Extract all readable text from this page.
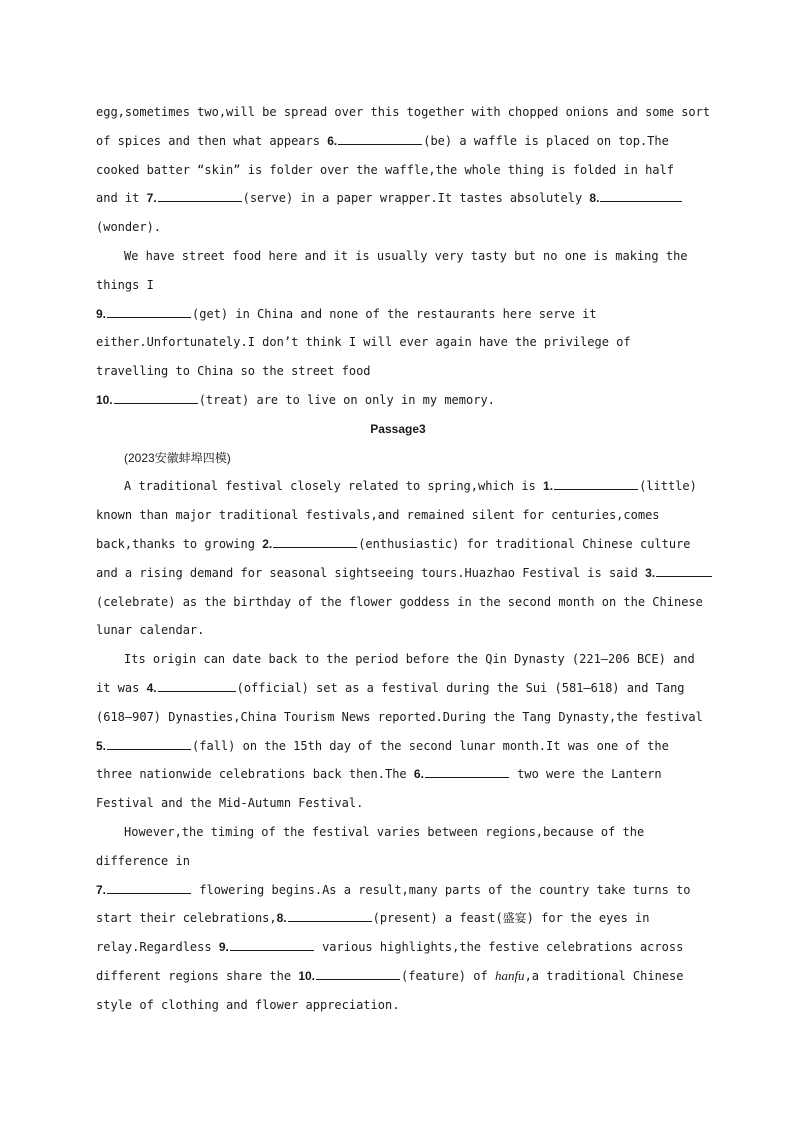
egg,sometimes two,will be spread over this together with chopped onions and some sort
of spices and then what appears 6.	(be) a waffle is placed on top.The
cooked batter “skin” is folder over the waffle,the whole thing is folded in half
and it 7.	(serve) in a paper wrapper.It tastes absolutely 8.
(wonder).
We have street food here and it is usually very tasty but no one is making the
things I
9.	(get) in China and none of the restaurants here serve it
either.Unfortunately.I don’t think I will ever again have the privilege of
travelling to China so the street food
10.	(treat) are to live on only in my memory.
Passage3
(2023安徽蚌埠四模)
A traditional festival closely related to spring,which is 1.	(little)
known than major traditional festivals,and remained silent for centuries,comes
back,thanks to growing 2.	(enthusiastic) for traditional Chinese culture
and a rising demand for seasonal sightseeing tours.Huazhao Festival is said 3.
(celebrate) as the birthday of the flower goddess in the second month on the Chinese
lunar calendar.
Its origin can date back to the period before the Qin Dynasty (221—206 BCE) and
it was 4.	(official) set as a festival during the Sui (581—618) and Tang
(618—907) Dynasties,China Tourism News reported.During the Tang Dynasty,the festival
5.	(fall) on the 15th day of the second lunar month.It was one of the
three nationwide celebrations back then.The 6.	two were the Lantern
Festival and the Mid-Autumn Festival.
However,the timing of the festival varies between regions,because of the
difference in
7.	flowering begins.As a result,many parts of the country take turns to
start their celebrations,8.	(present) a feast(盛宴) for the eyes in
relay.Regardless 9.	various highlights,the festive celebrations across
different regions share the 10.	(feature) of hanfu,a traditional Chinese
style of clothing and flower appreciation.
